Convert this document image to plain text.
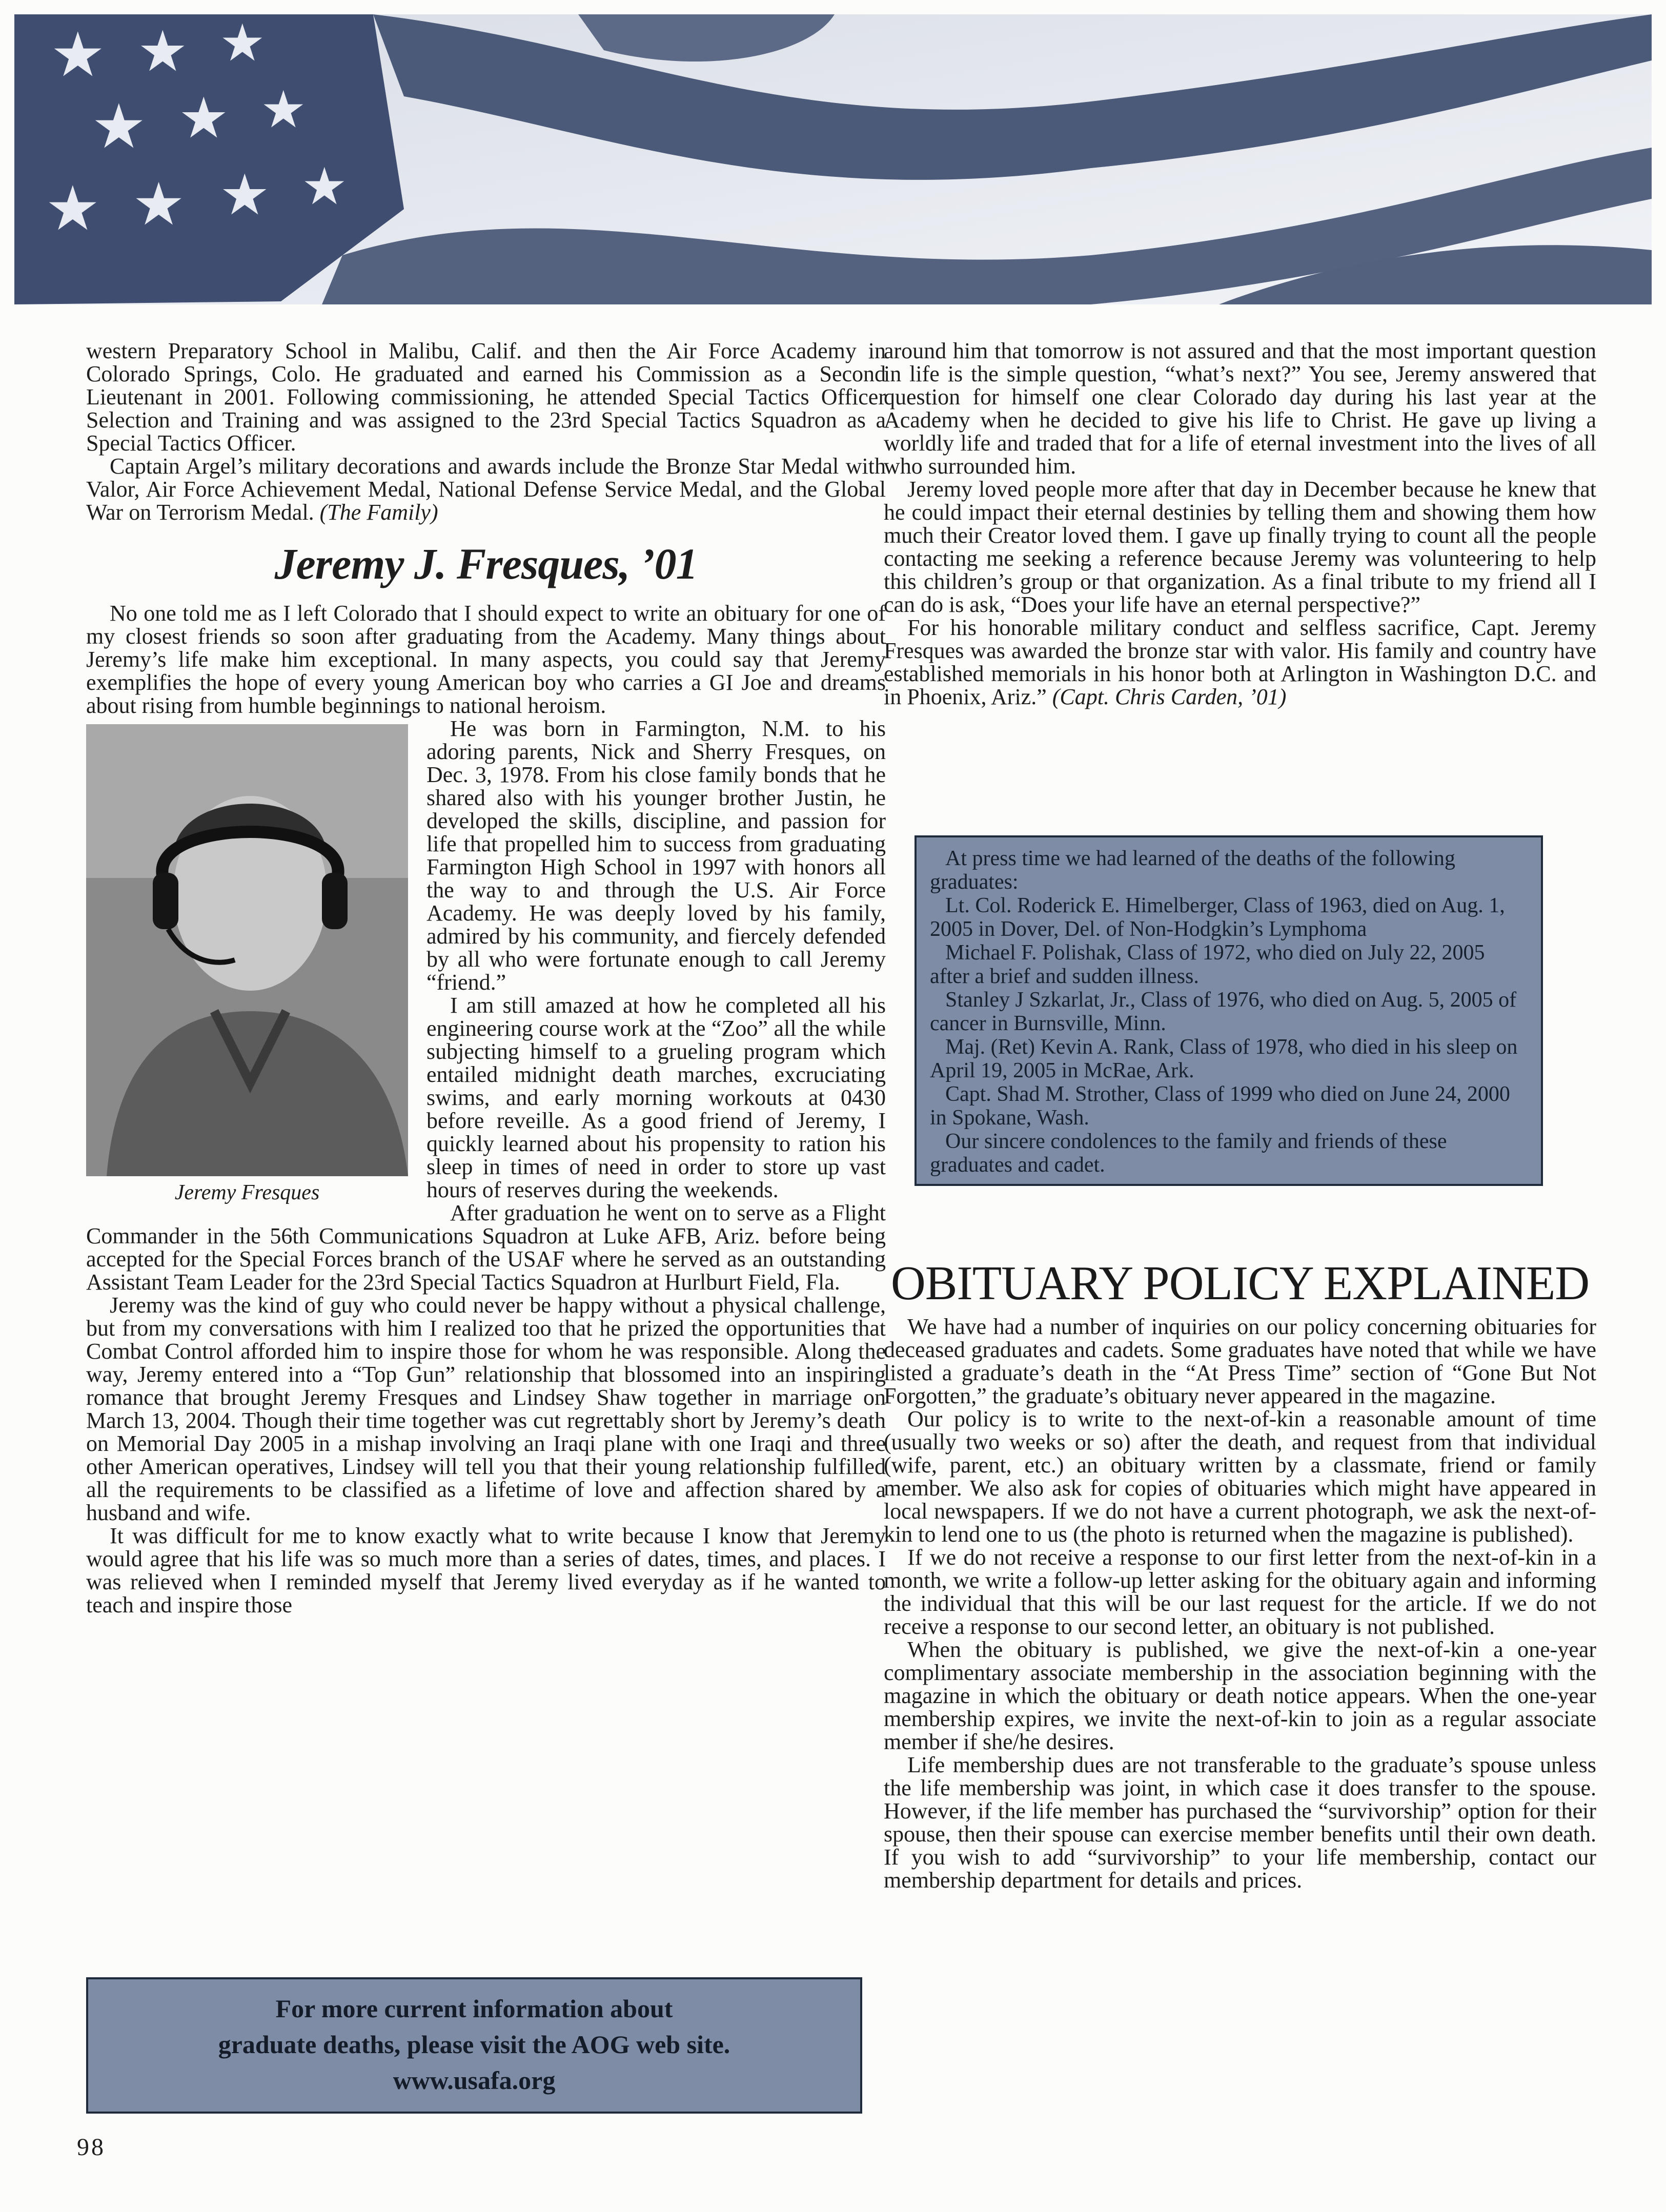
★ ★ ★
★ ★ ★
★ ★ ★ ★

western Preparatory School in Malibu, Calif. and then the Air Force Academy in Colorado Springs, Colo. He graduated and earned his Commission as a Second Lieutenant in 2001. Following commissioning, he attended Special Tactics Officer Selection and Training and was assigned to the 23rd Special Tactics Squadron as a Special Tactics Officer.

Captain Argel’s military decorations and awards include the Bronze Star Medal with Valor, Air Force Achievement Medal, National Defense Service Medal, and the Global War on Terrorism Medal. (The Family)

Jeremy J. Fresques, ’01

No one told me as I left Colorado that I should expect to write an obituary for one of my closest friends so soon after graduating from the Academy. Many things about Jeremy’s life make him exceptional. In many aspects, you could say that Jeremy exemplifies the hope of every young American boy who carries a GI Joe and dreams about rising from humble beginnings to national heroism.

Jeremy Fresques

He was born in Farmington, N.M. to his adoring parents, Nick and Sherry Fresques, on Dec. 3, 1978. From his close family bonds that he shared also with his younger brother Justin, he developed the skills, discipline, and passion for life that propelled him to success from graduating Farmington High School in 1997 with honors all the way to and through the U.S. Air Force Academy. He was deeply loved by his family, admired by his community, and fiercely defended by all who were fortunate enough to call Jeremy “friend.”

I am still amazed at how he completed all his engineering course work at the “Zoo” all the while subjecting himself to a grueling program which entailed midnight death marches, excruciating swims, and early morning workouts at 0430 before reveille. As a good friend of Jeremy, I quickly learned about his propensity to ration his sleep in times of need in order to store up vast hours of reserves during the weekends.

After graduation he went on to serve as a Flight Commander in the 56th Communications Squadron at Luke AFB, Ariz. before being accepted for the Special Forces branch of the USAF where he served as an outstanding Assistant Team Leader for the 23rd Special Tactics Squadron at Hurlburt Field, Fla.

Jeremy was the kind of guy who could never be happy without a physical challenge, but from my conversations with him I realized too that he prized the opportunities that Combat Control afforded him to inspire those for whom he was responsible. Along the way, Jeremy entered into a “Top Gun” relationship that blossomed into an inspiring romance that brought Jeremy Fresques and Lindsey Shaw together in marriage on March 13, 2004. Though their time together was cut regrettably short by Jeremy’s death on Memorial Day 2005 in a mishap involving an Iraqi plane with one Iraqi and three other American operatives, Lindsey will tell you that their young relationship fulfilled all the requirements to be classified as a lifetime of love and affection shared by a husband and wife.

It was difficult for me to know exactly what to write because I know that Jeremy would agree that his life was so much more than a series of dates, times, and places. I was relieved when I reminded myself that Jeremy lived everyday as if he wanted to teach and inspire those

around him that tomorrow is not assured and that the most important question in life is the simple question, “what’s next?” You see, Jeremy answered that question for himself one clear Colorado day during his last year at the Academy when he decided to give his life to Christ. He gave up living a worldly life and traded that for a life of eternal investment into the lives of all who surrounded him.

Jeremy loved people more after that day in December because he knew that he could impact their eternal destinies by telling them and showing them how much their Creator loved them. I gave up finally trying to count all the people contacting me seeking a reference because Jeremy was volunteering to help this children’s group or that organization. As a final tribute to my friend all I can do is ask, “Does your life have an eternal perspective?”

For his honorable military conduct and selfless sacrifice, Capt. Jeremy Fresques was awarded the bronze star with valor. His family and country have established memorials in his honor both at Arlington in Washington D.C. and in Phoenix, Ariz.” (Capt. Chris Carden, ’01)

At press time we had learned of the deaths of the following graduates:

Lt. Col. Roderick E. Himelberger, Class of 1963, died on Aug. 1, 2005 in Dover, Del. of Non-Hodgkin’s Lymphoma

Michael F. Polishak, Class of 1972, who died on July 22, 2005 after a brief and sudden illness.

Stanley J Szkarlat, Jr., Class of 1976, who died on Aug. 5, 2005 of cancer in Burnsville, Minn.

Maj. (Ret) Kevin A. Rank, Class of 1978, who died in his sleep on April 19, 2005 in McRae, Ark.

Capt. Shad M. Strother, Class of 1999 who died on June 24, 2000 in Spokane, Wash.

Our sincere condolences to the family and friends of these graduates and cadet.

OBITUARY POLICY EXPLAINED

We have had a number of inquiries on our policy concerning obituaries for deceased graduates and cadets. Some graduates have noted that while we have listed a graduate’s death in the “At Press Time” section of “Gone But Not Forgotten,” the graduate’s obituary never appeared in the magazine.

Our policy is to write to the next-of-kin a reasonable amount of time (usually two weeks or so) after the death, and request from that individual (wife, parent, etc.) an obituary written by a classmate, friend or family member. We also ask for copies of obituaries which might have appeared in local newspapers. If we do not have a current photograph, we ask the next-of-kin to lend one to us (the photo is returned when the magazine is published).

If we do not receive a response to our first letter from the next-of-kin in a month, we write a follow-up letter asking for the obituary again and informing the individual that this will be our last request for the article. If we do not receive a response to our second letter, an obituary is not published.

When the obituary is published, we give the next-of-kin a one-year complimentary associate membership in the association beginning with the magazine in which the obituary or death notice appears. When the one-year membership expires, we invite the next-of-kin to join as a regular associate member if she/he desires.

Life membership dues are not transferable to the graduate’s spouse unless the life membership was joint, in which case it does transfer to the spouse. However, if the life member has purchased the “survivorship” option for their spouse, then their spouse can exercise member benefits until their own death. If you wish to add “survivorship” to your life membership, contact our membership department for details and prices.

For more current information about
graduate deaths, please visit the AOG web site.
www.usafa.org
98
